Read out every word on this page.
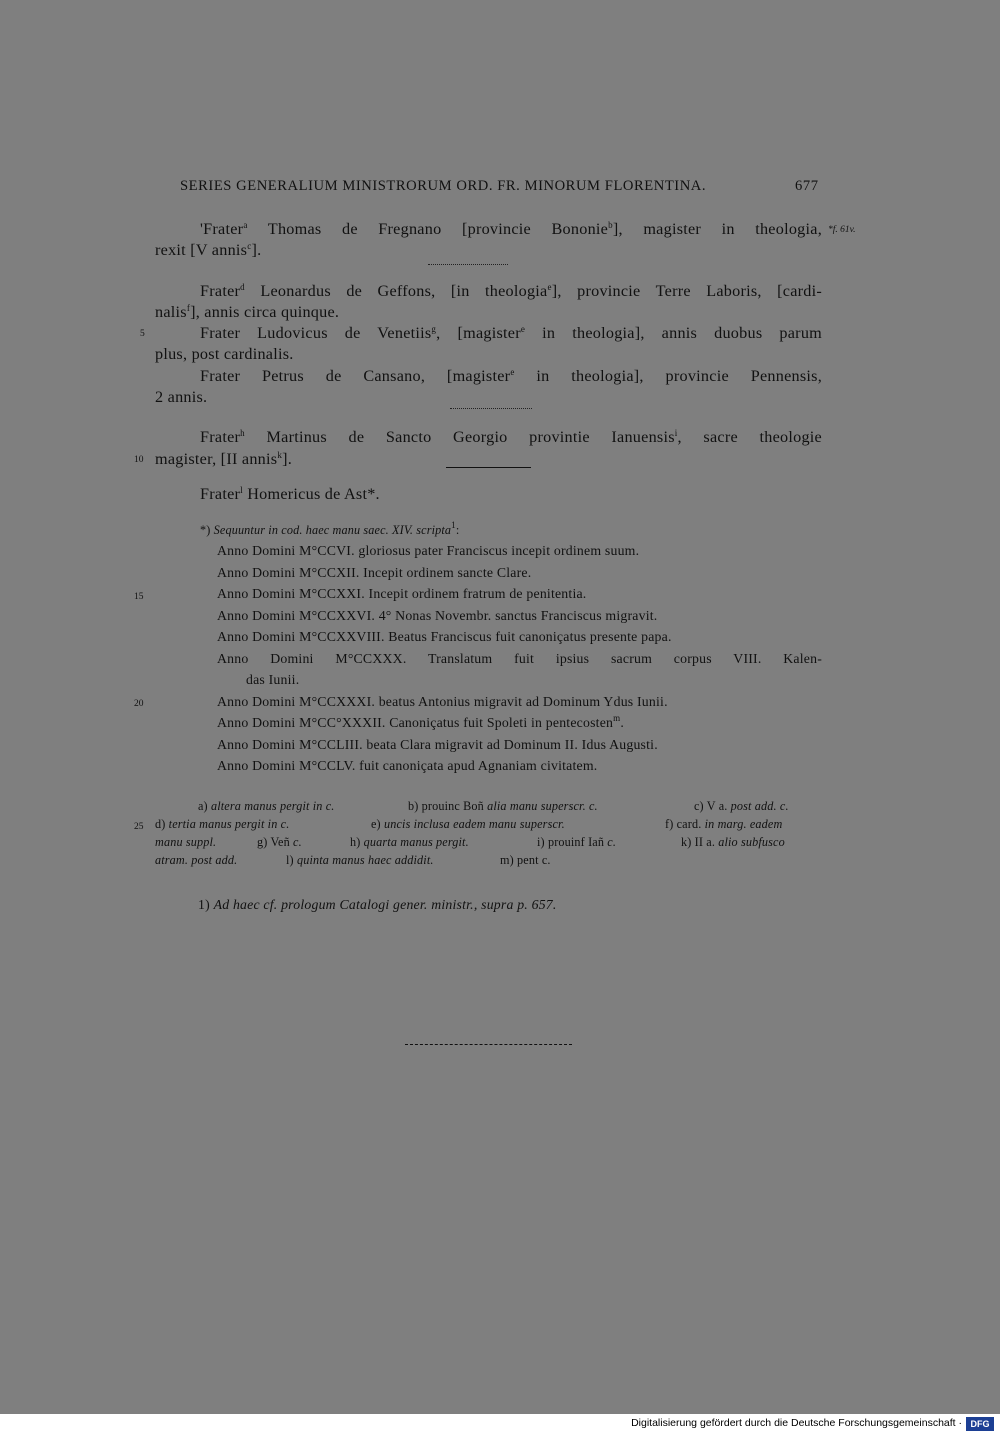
SERIES GENERALIUM MINISTRORUM ORD. FR. MINORUM FLORENTINA.	677
'Frater$^a$ Thomas de Fregnano [provincie Bononie$^b$], magister in theologia, *f. 61v.
rexit [V annis$^c$].
Frater$^d$ Leonardus de Geffons, [in theologia$^e$], provincie Terre Laboris, [cardi-
nalis$^f$], annis circa quinque.
5	Frater Ludovicus de Venetiis$^g$, [magister$^e$ in theologia], annis duobus parum
plus, post cardinalis.
Frater Petrus de Cansano, [magister$^e$ in theologia], provincie Pennensis,
2 annis.
Frater$^h$ Martinus de Sancto Georgio provintie Ianuensis$^i$, sacre theologie
10 magister, [II annis$^k$].
Frater$^l$ Homericus de Ast*.
*) Sequuntur in cod. haec manu saec. XIV. scripta$^1$:
Anno Domini M°CCVI. gloriosus pater Franciscus incepit ordinem suum.
Anno Domini M°CCXII. Incepit ordinem sancte Clare.
15	Anno Domini M°CCXXI. Incepit ordinem fratrum de penitentia.
Anno Domini M°CCXXVI. 4° Nonas Novembr. sanctus Franciscus migravit.
Anno Domini M°CCXXVIII. Beatus Franciscus fuit canoniçatus presente papa.
Anno Domini M°CCXXX. Translatum fuit ipsius sacrum corpus VIII. Kalen-
das Iunii.
20	Anno Domini M°CCXXXI. beatus Antonius migravit ad Dominum Ydus Iunii.
Anno Domini M°CC°XXXII. Canoniçatus fuit Spoleti in pentecosten$^m$.
Anno Domini M°CCLIII. beata Clara migravit ad Dominum II. Idus Augusti.
Anno Domini M°CCLV. fuit canoniçata apud Agnaniam civitatem.
a) altera manus pergit in c.	b) prouinc Boñ alia manu superscr. c.	c) V a. post add. c.
25 d) tertia manus pergit in c.	e) uncis inclusa eadem manu superscr.	f) card. in marg. eadem
manu suppl.	g) Veñ c.	h) quarta manus pergit.	i) prouinf Iañ c.	k) II a. alio subfusco
atram. post add.	l) quinta manus haec addidit.	m) pent c.
1) Ad haec cf. prologum Catalogi gener. ministr., supra p. 657.
Digitalisierung gefördert durch die Deutsche Forschungsgemeinschaft · DFG
